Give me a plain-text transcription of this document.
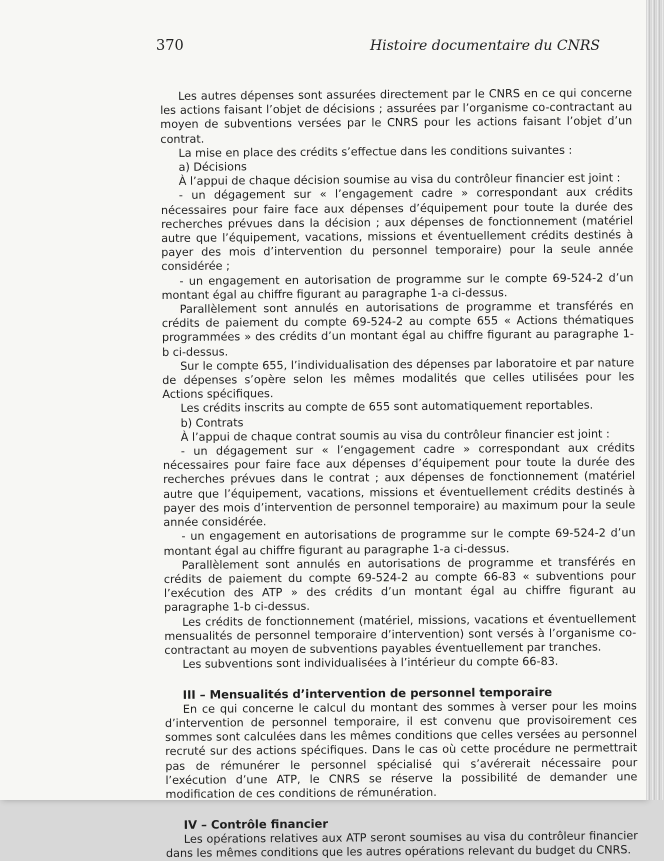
370	Histoire documentaire du CNRS

Les autres dépenses sont assurées directement par le CNRS en ce qui concerne les actions faisant l’objet de décisions ; assurées par l’organisme co-contractant au moyen de subventions versées par le CNRS pour les actions faisant l’objet d’un contrat.

La mise en place des crédits s’effectue dans les conditions suivantes :

a) Décisions

À l’appui de chaque décision soumise au visa du contrôleur financier est joint :

- un dégagement sur « l’engagement cadre » correspondant aux crédits nécessaires pour faire face aux dépenses d’équipement pour toute la durée des recherches prévues dans la décision ; aux dépenses de fonctionnement (matériel autre que l’équipement, vacations, missions et éventuellement crédits destinés à payer des mois d’intervention du personnel temporaire) pour la seule année considérée ;

- un engagement en autorisation de programme sur le compte 69-524-2 d’un montant égal au chiffre figurant au paragraphe 1-a ci-dessus.

Parallèlement sont annulés en autorisations de programme et transférés en crédits de paiement du compte 69-524-2 au compte 655 « Actions thématiques programmées » des crédits d’un montant égal au chiffre figurant au paragraphe 1-b ci-dessus.

Sur le compte 655, l’individualisation des dépenses par laboratoire et par nature de dépenses s’opère selon les mêmes modalités que celles utilisées pour les Actions spécifiques.

Les crédits inscrits au compte de 655 sont automatiquement reportables.

b) Contrats

À l’appui de chaque contrat soumis au visa du contrôleur financier est joint :

- un dégagement sur « l’engagement cadre » correspondant aux crédits nécessaires pour faire face aux dépenses d’équipement pour toute la durée des recherches prévues dans le contrat ; aux dépenses de fonctionnement (matériel autre que l’équipement, vacations, missions et éventuellement crédits destinés à payer des mois d’intervention de personnel temporaire) au maximum pour la seule année considérée.

- un engagement en autorisations de programme sur le compte 69-524-2 d’un montant égal au chiffre figurant au paragraphe 1-a ci-dessus.

Parallèlement sont annulés en autorisations de programme et transférés en crédits de paiement du compte 69-524-2 au compte 66-83 « subventions pour l’exécution des ATP » des crédits d’un montant égal au chiffre figurant au paragraphe 1-b ci-dessus.

Les crédits de fonctionnement (matériel, missions, vacations et éventuellement mensualités de personnel temporaire d’intervention) sont versés à l’organisme co-contractant au moyen de subventions payables éventuellement par tranches.

Les subventions sont individualisées à l’intérieur du compte 66-83.

III – Mensualités d’intervention de personnel temporaire

En ce qui concerne le calcul du montant des sommes à verser pour les moins d’intervention de personnel temporaire, il est convenu que provisoirement ces sommes sont calculées dans les mêmes conditions que celles versées au personnel recruté sur des actions spécifiques. Dans le cas où cette procédure ne permettrait pas de rémunérer le personnel spécialisé qui s’avérerait nécessaire pour l’exécution d’une ATP, le CNRS se réserve la possibilité de demander une modification de ces conditions de rémunération.

IV – Contrôle financier

Les opérations relatives aux ATP seront soumises au visa du contrôleur financier dans les mêmes conditions que les autres opérations relevant du budget du CNRS.
